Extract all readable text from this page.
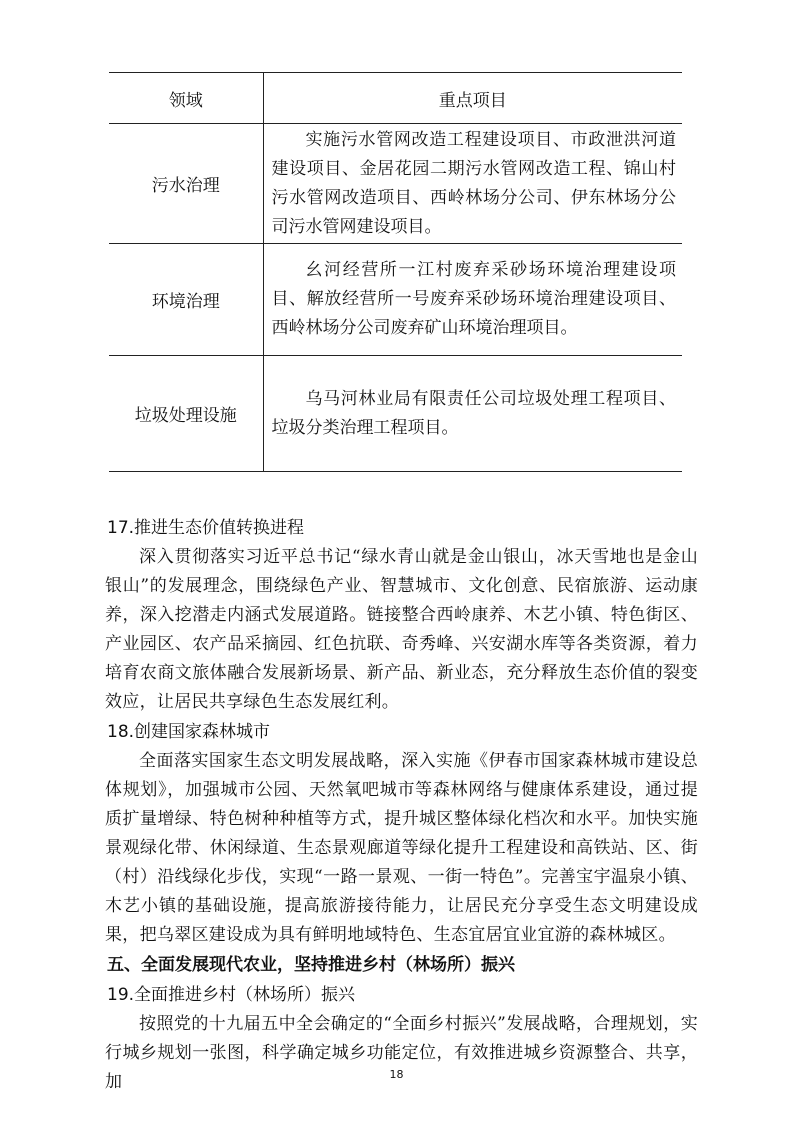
领域	重点项目
污水治理	实施污水管网改造工程建设项目、市政泄洪河道建设项目、金居花园二期污水管网改造工程、锦山村污水管网改造项目、西岭林场分公司、伊东林场分公司污水管网建设项目。

环境治理	幺河经营所一江村废弃采砂场环境治理建设项目、解放经营所一号废弃采砂场环境治理建设项目、西岭林场分公司废弃矿山环境治理项目。

垃圾处理设施	乌马河林业局有限责任公司垃圾处理工程项目、垃圾分类治理工程项目。
17.推进生态价值转换进程

深入贯彻落实习近平总书记“绿水青山就是金山银山，冰天雪地也是金山银山”的发展理念，围绕绿色产业、智慧城市、文化创意、民宿旅游、运动康养，深入挖潜走内涵式发展道路。链接整合西岭康养、木艺小镇、特色街区、产业园区、农产品采摘园、红色抗联、奇秀峰、兴安湖水库等各类资源，着力培育农商文旅体融合发展新场景、新产品、新业态，充分释放生态价值的裂变效应，让居民共享绿色生态发展红利。

18.创建国家森林城市

全面落实国家生态文明发展战略，深入实施《伊春市国家森林城市建设总体规划》，加强城市公园、天然氧吧城市等森林网络与健康体系建设，通过提质扩量增绿、特色树种种植等方式，提升城区整体绿化档次和水平。加快实施景观绿化带、休闲绿道、生态景观廊道等绿化提升工程建设和高铁站、区、街（村）沿线绿化步伐，实现“一路一景观、一街一特色”。完善宝宇温泉小镇、木艺小镇的基础设施，提高旅游接待能力，让居民充分享受生态文明建设成果，把乌翠区建设成为具有鲜明地域特色、生态宜居宜业宜游的森林城区。

五、全面发展现代农业，坚持推进乡村（林场所）振兴

19.全面推进乡村（林场所）振兴

按照党的十九届五中全会确定的“全面乡村振兴”发展战略，合理规划，实行城乡规划一张图，科学确定城乡功能定位，有效推进城乡资源整合、共享，加	18
